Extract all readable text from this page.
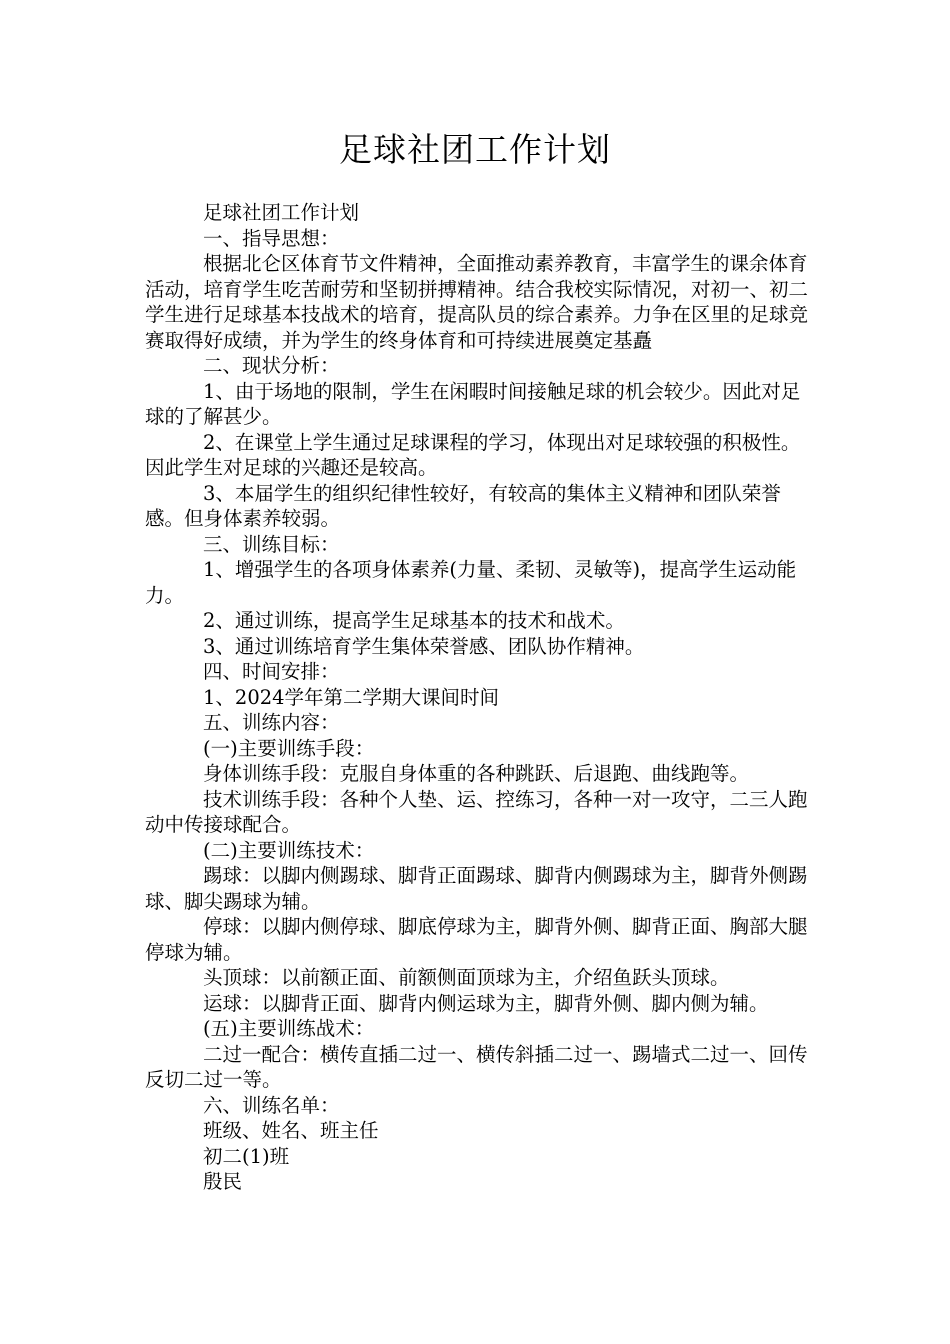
足球社团工作计划

足球社团工作计划

一、指导思想：

根据北仑区体育节文件精神，全面推动素养教育，丰富学生的课余体育活动，培育学生吃苦耐劳和坚韧拼搏精神。结合我校实际情况，对初一、初二学生进行足球基本技战术的培育，提高队员的综合素养。力争在区里的足球竞赛取得好成绩，并为学生的终身体育和可持续进展奠定基矗

二、现状分析：

1、由于场地的限制，学生在闲暇时间接触足球的机会较少。因此对足球的了解甚少。

2、在课堂上学生通过足球课程的学习，体现出对足球较强的积极性。因此学生对足球的兴趣还是较高。

3、本届学生的组织纪律性较好，有较高的集体主义精神和团队荣誉感。但身体素养较弱。

三、训练目标：

1、增强学生的各项身体素养(力量、柔韧、灵敏等)，提高学生运动能力。

2、通过训练，提高学生足球基本的技术和战术。

3、通过训练培育学生集体荣誉感、团队协作精神。

四、时间安排：

1、2024学年第二学期大课间时间

五、训练内容：

(一)主要训练手段：

身体训练手段：克服自身体重的各种跳跃、后退跑、曲线跑等。

技术训练手段：各种个人垫、运、控练习，各种一对一攻守，二三人跑动中传接球配合。

(二)主要训练技术：

踢球：以脚内侧踢球、脚背正面踢球、脚背内侧踢球为主，脚背外侧踢球、脚尖踢球为辅。

停球：以脚内侧停球、脚底停球为主，脚背外侧、脚背正面、胸部大腿停球为辅。

头顶球：以前额正面、前额侧面顶球为主，介绍鱼跃头顶球。

运球：以脚背正面、脚背内侧运球为主，脚背外侧、脚内侧为辅。

(五)主要训练战术：

二过一配合：横传直插二过一、横传斜插二过一、踢墙式二过一、回传反切二过一等。

六、训练名单：

班级、姓名、班主任

初二(1)班

殷民
